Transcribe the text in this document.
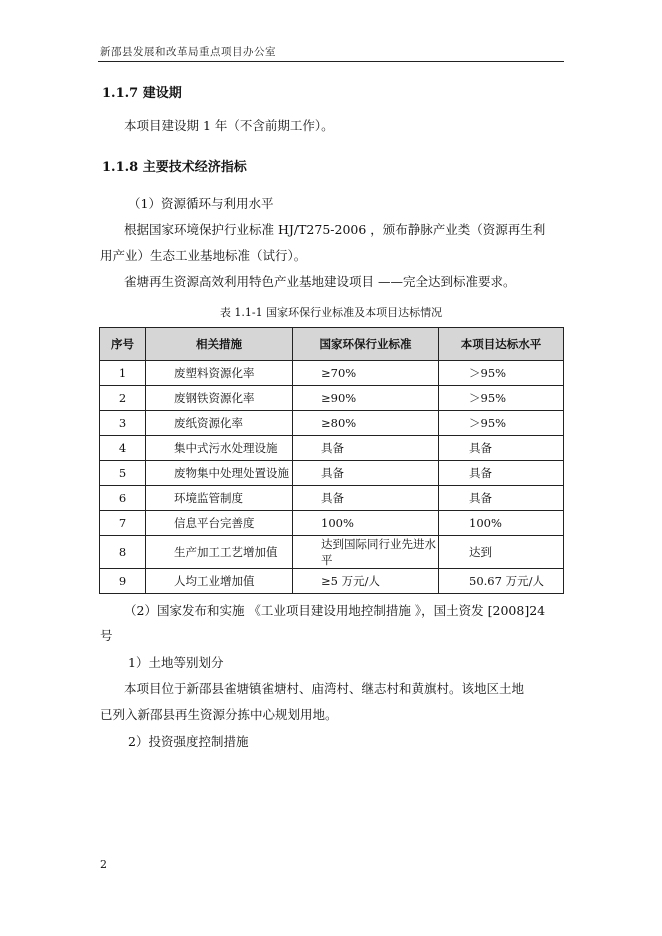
新邵县发展和改革局重点项目办公室
1.1.7 建设期
本项目建设期 1 年（不含前期工作）。
1.1.8 主要技术经济指标
（1）资源循环与利用水平
根据国家环境保护行业标准 HJ/T275-2006 ，颁布静脉产业类（资源再生利
用产业）生态工业基地标准（试行）。
雀塘再生资源高效利用特色产业基地建设项目 ——完全达到标准要求。
表 1.1-1 国家环保行业标准及本项目达标情况
序号	相关措施	国家环保行业标准	本项目达标水平
1	废塑料资源化率	≥70%	＞95%
2	废钢铁资源化率	≥90%	＞95%
3	废纸资源化率	≥80%	＞95%
4	集中式污水处理设施	具备	具备
5	废物集中处理处置设施	具备	具备
6	环境监管制度	具备	具备
7	信息平台完善度	100%	100%
8	生产加工工艺增加值	达到国际同行业先进水平	达到
9	人均工业增加值	≥5 万元/人	50.67 万元/人
（2）国家发布和实施 《工业项目建设用地控制措施 》，国土资发 [2008]24
号
1）土地等别划分
本项目位于新邵县雀塘镇雀塘村、庙湾村、继志村和黄旗村。该地区土地
已列入新邵县再生资源分拣中心规划用地。
2）投资强度控制措施
2
